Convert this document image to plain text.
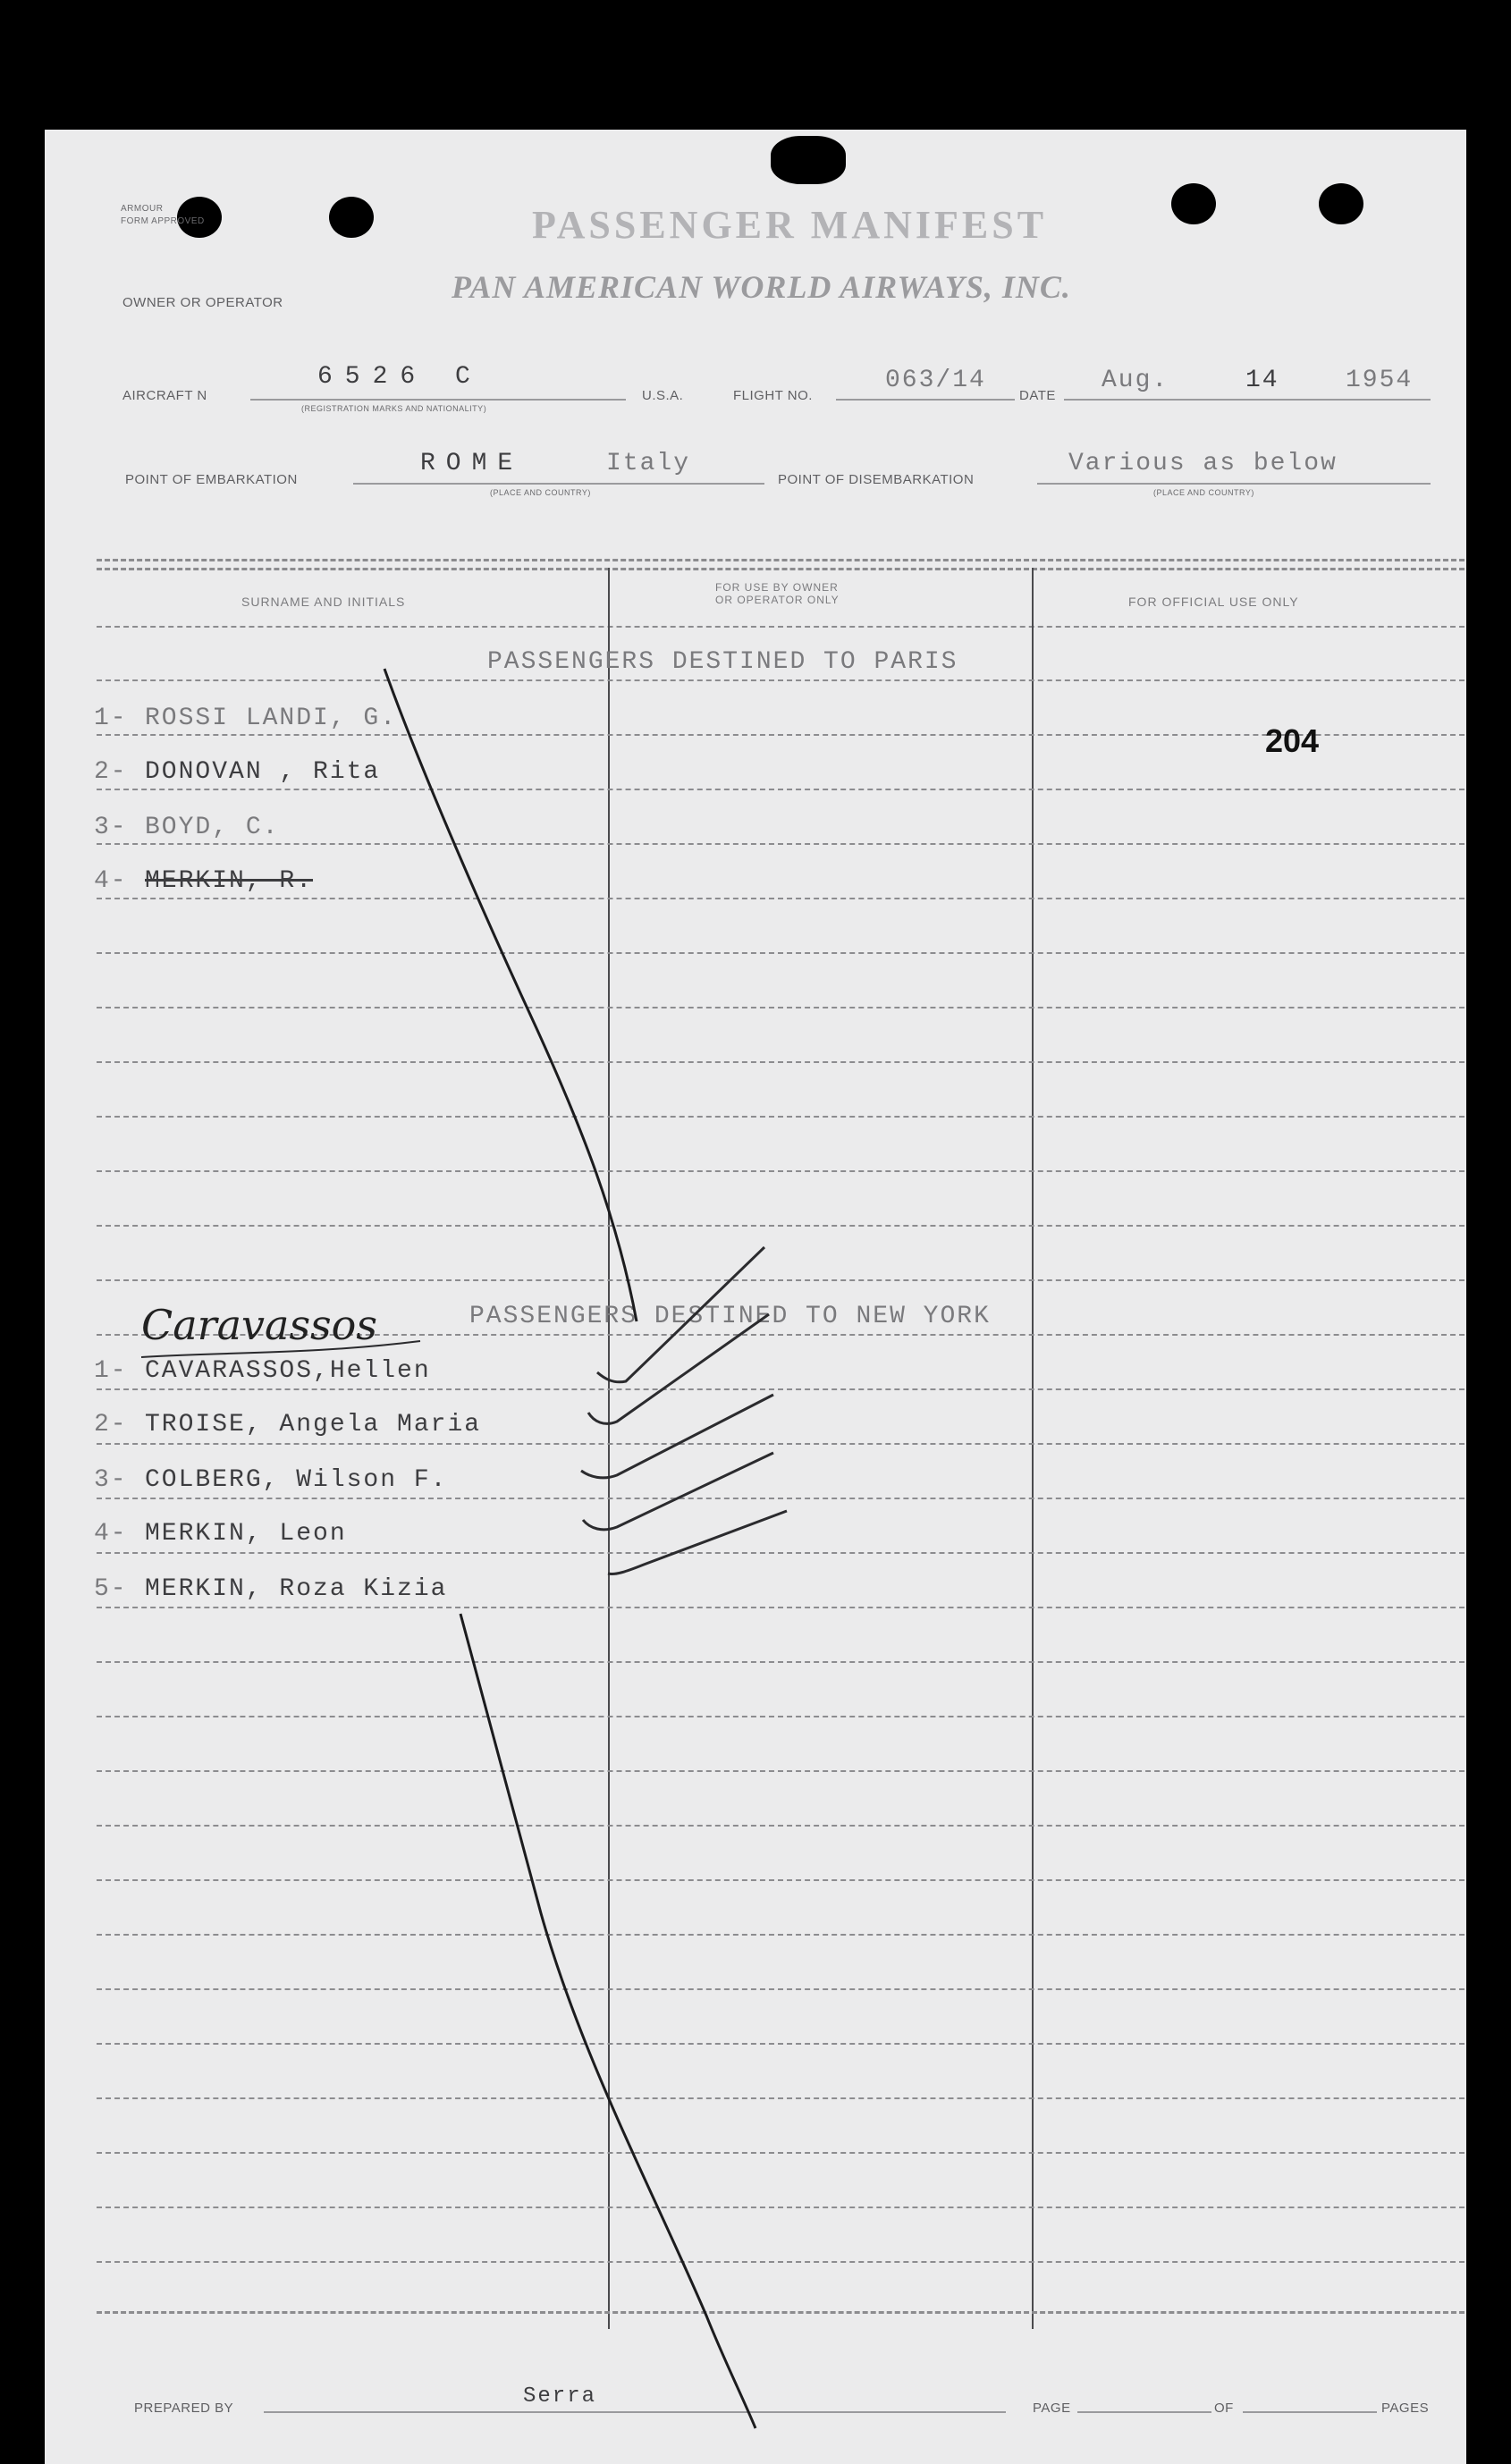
ARMOUR
FORM APPROVED	PASSENGER MANIFEST
OWNER OR OPERATOR	PAN AMERICAN WORLD AIRWAYS, INC.
AIRCRAFT N
6526 C
(REGISTRATION MARKS AND NATIONALITY)
U.S.A.	FLIGHT NO.
063/14
DATE
Aug.	14	1954
POINT OF EMBARKATION
ROME	Italy
(PLACE AND COUNTRY)
POINT OF DISEMBARKATION
Various as below
(PLACE AND COUNTRY)
SURNAME AND INITIALS
FOR USE BY OWNER
OR OPERATOR ONLY	FOR OFFICIAL USE ONLY
204
PASSENGERS DESTINED TO PARIS
1- ROSSI LANDI, G.
2- DONOVAN , Rita
3- BOYD, C.
4- MERKIN, R.
PASSENGERS DESTINED TO NEW YORK
Caravassos
1- CAVARASSOS,Hellen
2- TROISE, Angela Maria
3- COLBERG, Wilson F.
4- MERKIN, Leon
5- MERKIN, Roza Kizia
PREPARED BY	Serra	PAGE	OF	PAGES
